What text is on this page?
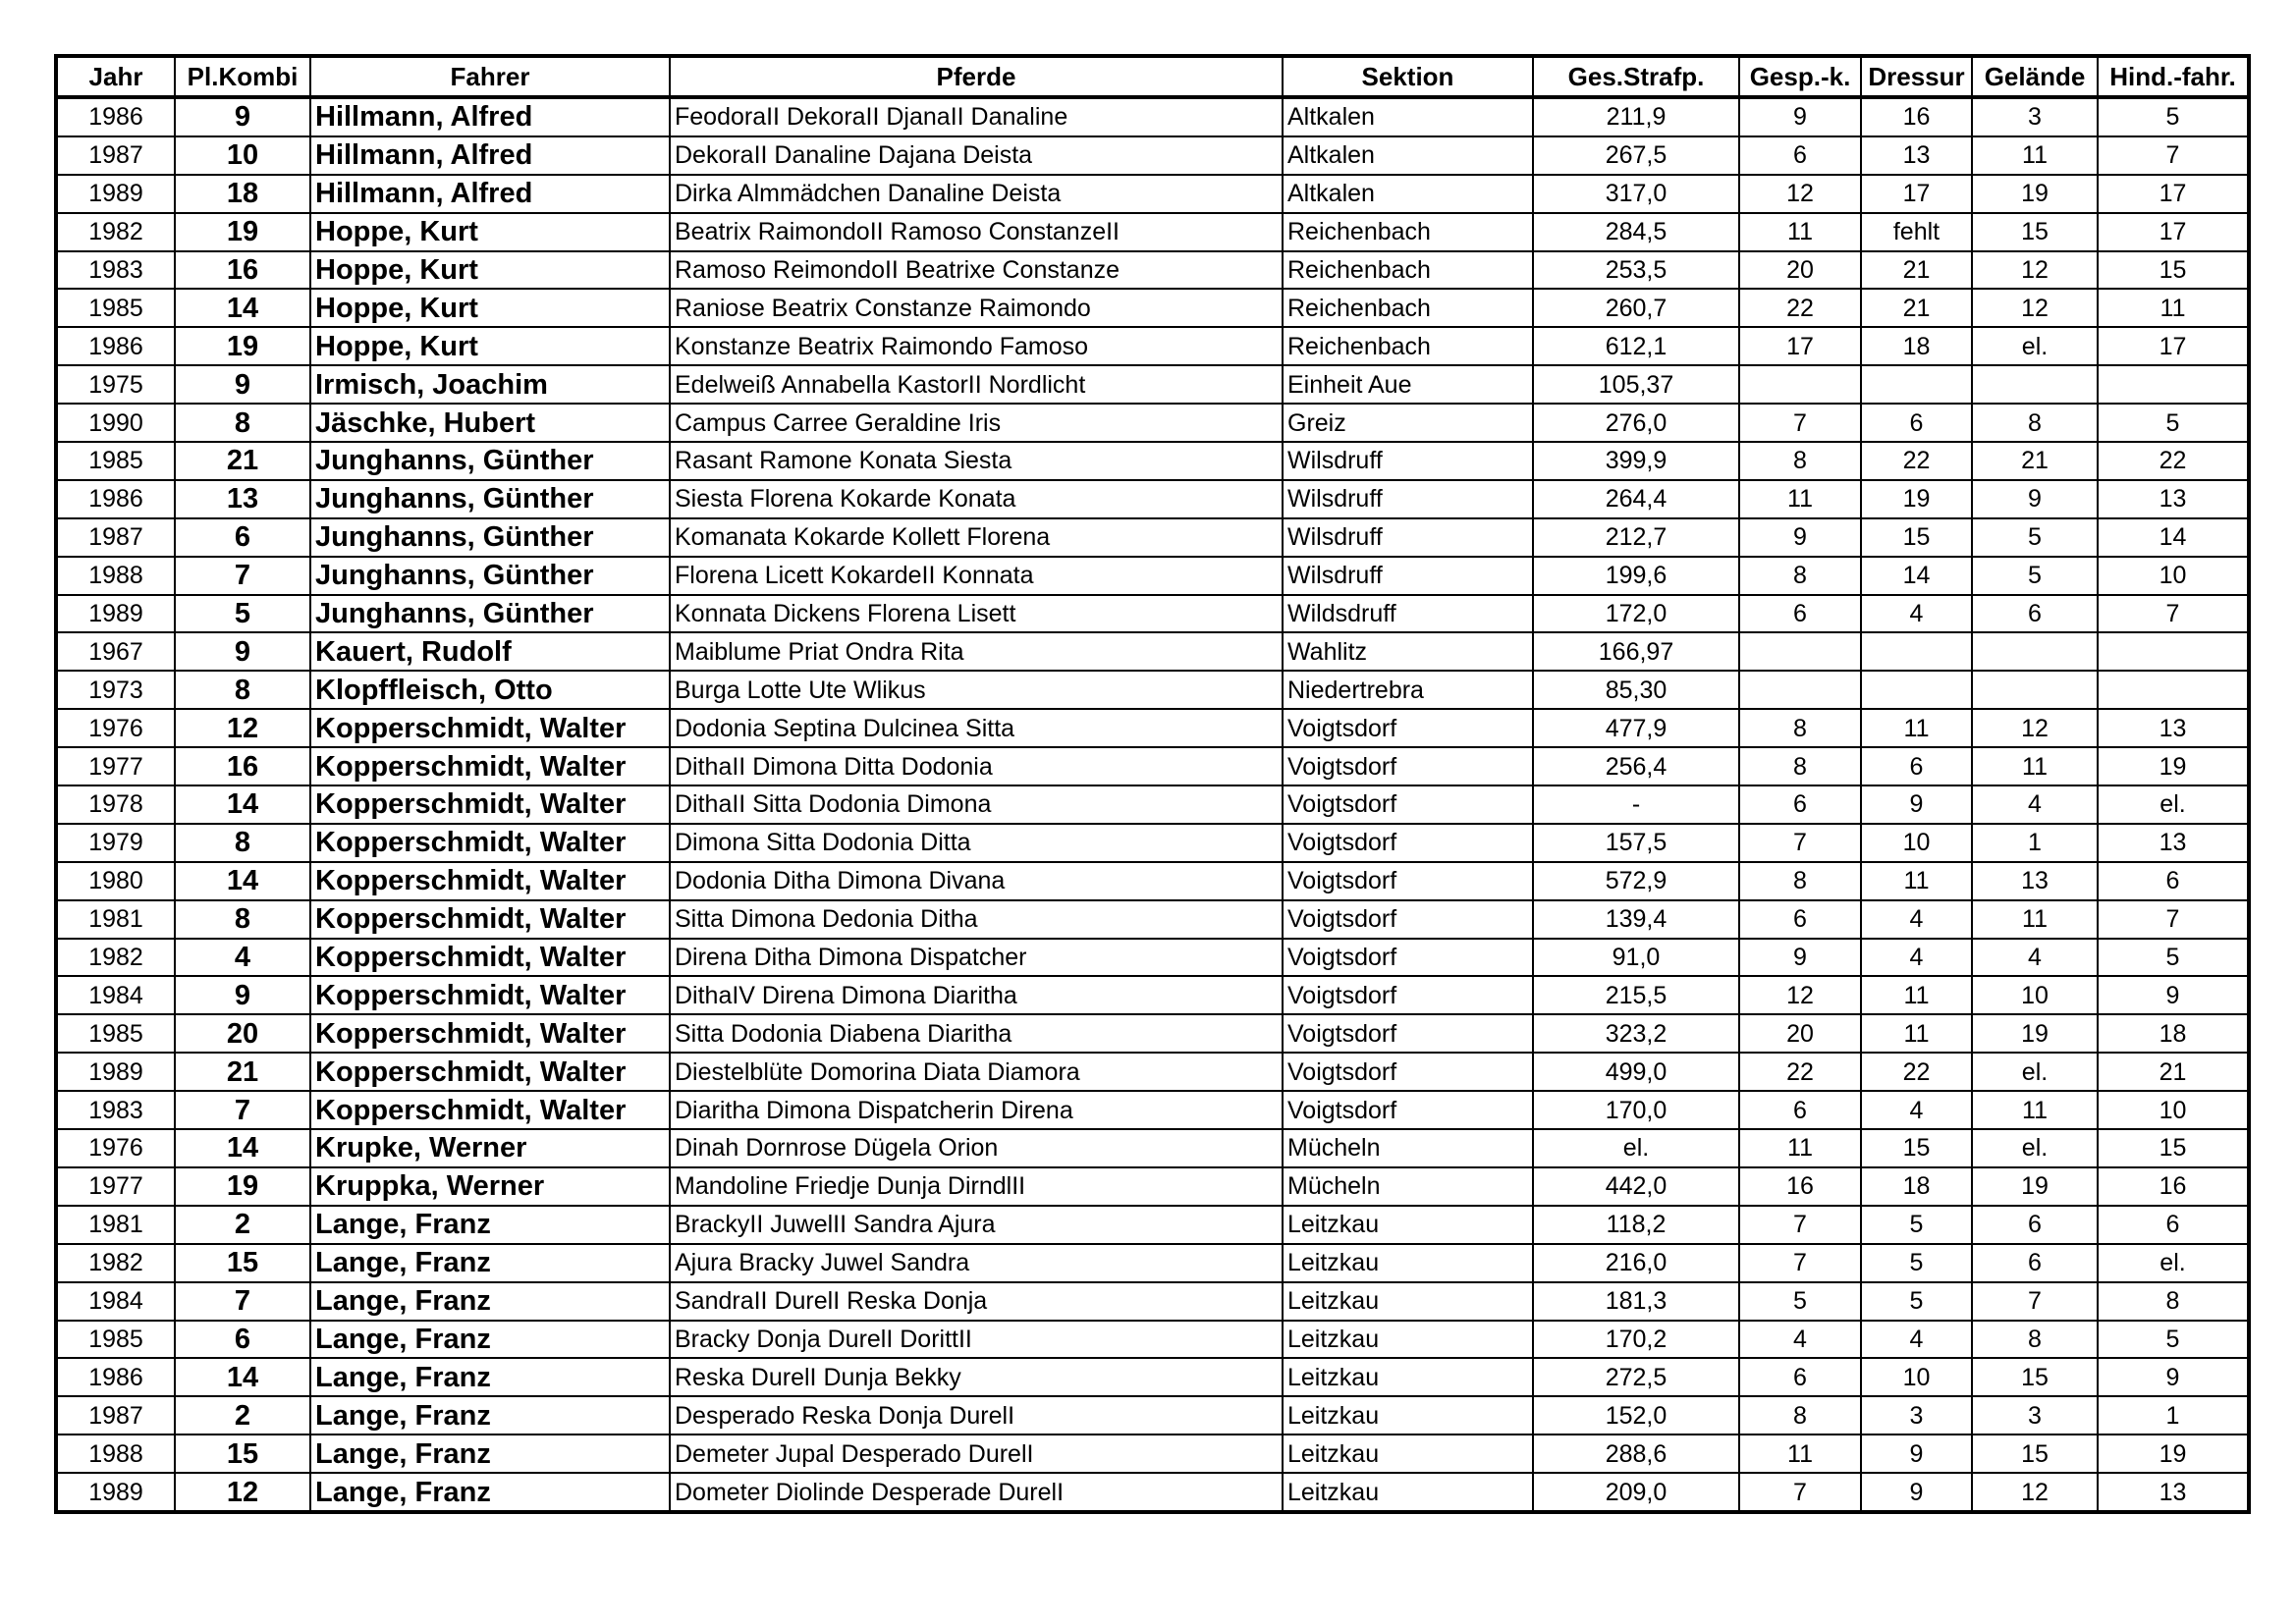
Jahr	Pl.Kombi	Fahrer	Pferde	Sektion	Ges.Strafp.	Gesp.-k.	Dressur	Gelände	Hind.-fahr.
1986	9	Hillmann, Alfred	FeodorаII DekoraII DjanaII Danaline	Altkalen	211,9	9	16	3	5
1987	10	Hillmann, Alfred	DekoraII Danaline Dajana Deista	Altkalen	267,5	6	13	11	7
1989	18	Hillmann, Alfred	Dirka Almmädchen Danaline Deista	Altkalen	317,0	12	17	19	17
1982	19	Hoppe, Kurt	Beatrix RaimondoII Ramoso ConstanzeII	Reichenbach	284,5	11	fehlt	15	17
1983	16	Hoppe, Kurt	Ramoso ReimondoII Beatrixe Constanze	Reichenbach	253,5	20	21	12	15
1985	14	Hoppe, Kurt	Raniose Beatrix Constanze Raimondo	Reichenbach	260,7	22	21	12	11
1986	19	Hoppe, Kurt	Konstanze Beatrix Raimondo Famoso	Reichenbach	612,1	17	18	el.	17
1975	9	Irmisch, Joachim	Edelweiß Annabella KastorII Nordlicht	Einheit Aue	105,37				
1990	8	Jäschke, Hubert	Campus Carree Geraldine Iris	Greiz	276,0	7	6	8	5
1985	21	Junghanns, Günther	Rasant Ramone Konata Siesta	Wilsdruff	399,9	8	22	21	22
1986	13	Junghanns, Günther	Siesta Florena Kokarde Konata	Wilsdruff	264,4	11	19	9	13
1987	6	Junghanns, Günther	Komanata Kokarde Kollett Florena	Wilsdruff	212,7	9	15	5	14
1988	7	Junghanns, Günther	Florena Licett KokardeII Konnata	Wilsdruff	199,6	8	14	5	10
1989	5	Junghanns, Günther	Konnata Dickens Florena Lisett	Wildsdruff	172,0	6	4	6	7
1967	9	Kauert, Rudolf	Maiblume Priat Ondra Rita	Wahlitz	166,97				
1973	8	Klopffleisch, Otto	Burga Lotte Ute Wlikus	Niedertrebra	85,30				
1976	12	Kopperschmidt, Walter	Dodonia Septina Dulcinea Sitta	Voigtsdorf	477,9	8	11	12	13
1977	16	Kopperschmidt, Walter	DithaII Dimona Ditta Dodonia	Voigtsdorf	256,4	8	6	11	19
1978	14	Kopperschmidt, Walter	DithaII Sitta Dodonia Dimona	Voigtsdorf	-	6	9	4	el.
1979	8	Kopperschmidt, Walter	Dimona Sitta Dodonia Ditta	Voigtsdorf	157,5	7	10	1	13
1980	14	Kopperschmidt, Walter	Dodonia Ditha Dimona Divana	Voigtsdorf	572,9	8	11	13	6
1981	8	Kopperschmidt, Walter	Sitta Dimona Dedonia Ditha	Voigtsdorf	139,4	6	4	11	7
1982	4	Kopperschmidt, Walter	Direna Ditha Dimona Dispatcher	Voigtsdorf	91,0	9	4	4	5
1984	9	Kopperschmidt, Walter	DithaIV Direna Dimona Diaritha	Voigtsdorf	215,5	12	11	10	9
1985	20	Kopperschmidt, Walter	Sitta Dodonia Diabena Diaritha	Voigtsdorf	323,2	20	11	19	18
1989	21	Kopperschmidt, Walter	Diestelblüte Domorina Diata Diamora	Voigtsdorf	499,0	22	22	el.	21
1983	7	Kopperschmidt, Walter	Diaritha Dimona Dispatcherin Direna	Voigtsdorf	170,0	6	4	11	10
1976	14	Krupke, Werner	Dinah Dornrose Dügela Orion	Mücheln	el.	11	15	el.	15
1977	19	Kruppka, Werner	Mandoline Friedje Dunja DirndlII	Mücheln	442,0	16	18	19	16
1981	2	Lange, Franz	BrackyII JuwelII Sandra Ajura	Leitzkau	118,2	7	5	6	6
1982	15	Lange, Franz	Ajura Bracky Juwel Sandra	Leitzkau	216,0	7	5	6	el.
1984	7	Lange, Franz	SandraII DurelI Reska Donja	Leitzkau	181,3	5	5	7	8
1985	6	Lange, Franz	Bracky Donja DurelI DorittII	Leitzkau	170,2	4	4	8	5
1986	14	Lange, Franz	Reska DurelI Dunja Bekky	Leitzkau	272,5	6	10	15	9
1987	2	Lange, Franz	Desperado Reska Donja DurelI	Leitzkau	152,0	8	3	3	1
1988	15	Lange, Franz	Demeter Jupal Desperado DurelI	Leitzkau	288,6	11	9	15	19
1989	12	Lange, Franz	Dometer Diolinde Desperade DurelI	Leitzkau	209,0	7	9	12	13
